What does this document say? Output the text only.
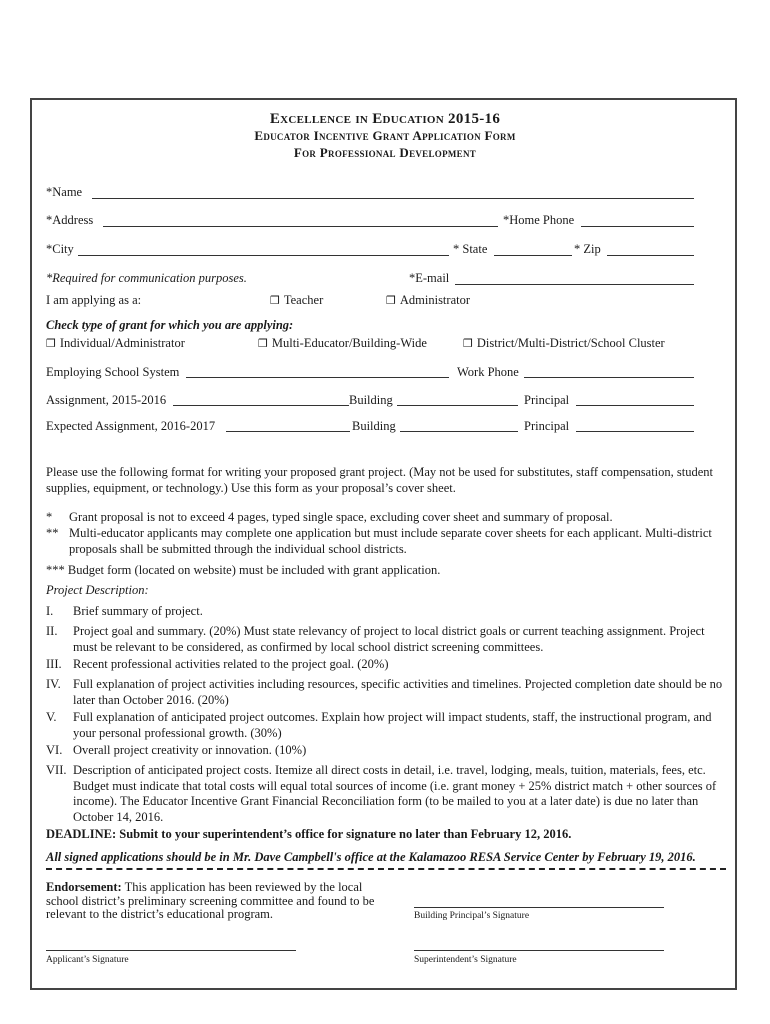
Excellence in Education 2015-16
Educator Incentive Grant Application Form
For Professional Development
*Name
*Address	*Home Phone
*City	* State	* Zip
*Required for communication purposes.	*E-mail
I am applying as a:	❒ Teacher	❒ Administrator
Check type of grant for which you are applying:
❒ Individual/Administrator	❒ Multi-Educator/Building-Wide	❒ District/Multi-District/School Cluster
Employing School System	Work Phone
Assignment, 2015-2016	Building	Principal
Expected Assignment, 2016-2017	Building	Principal
Please use the following format for writing your proposed grant project. (May not be used for substitutes, staff compensation, student supplies, equipment, or technology.) Use this form as your proposal’s cover sheet.
* Grant proposal is not to exceed 4 pages, typed single space, excluding cover sheet and summary of proposal.
** Multi-educator applicants may complete one application but must include separate cover sheets for each applicant. Multi-district proposals shall be submitted through the individual school districts.
*** Budget form (located on website) must be included with grant application.
Project Description:
I. Brief summary of project.
II. Project goal and summary. (20%) Must state relevancy of project to local district goals or current teaching assignment. Project must be relevant to be considered, as confirmed by local school district screening committees.
III. Recent professional activities related to the project goal. (20%)
IV. Full explanation of project activities including resources, specific activities and timelines. Projected completion date should be no later than October 2016. (20%)
V. Full explanation of anticipated project outcomes. Explain how project will impact students, staff, the instructional program, and your personal professional growth. (30%)
VI. Overall project creativity or innovation. (10%)
VII. Description of anticipated project costs. Itemize all direct costs in detail, i.e. travel, lodging, meals, tuition, materials, fees, etc. Budget must indicate that total costs will equal total sources of income (i.e. grant money + 25% district match + other sources of income). The Educator Incentive Grant Financial Reconciliation form (to be mailed to you at a later date) is due no later than October 14, 2016.
DEADLINE: Submit to your superintendent’s office for signature no later than February 12, 2016.
All signed applications should be in Mr. Dave Campbell's office at the Kalamazoo RESA Service Center by February 19, 2016.
Endorsement: This application has been reviewed by the local school district’s preliminary screening committee and found to be relevant to the district’s educational program.	Building Principal’s Signature
Applicant’s Signature	Superintendent’s Signature
